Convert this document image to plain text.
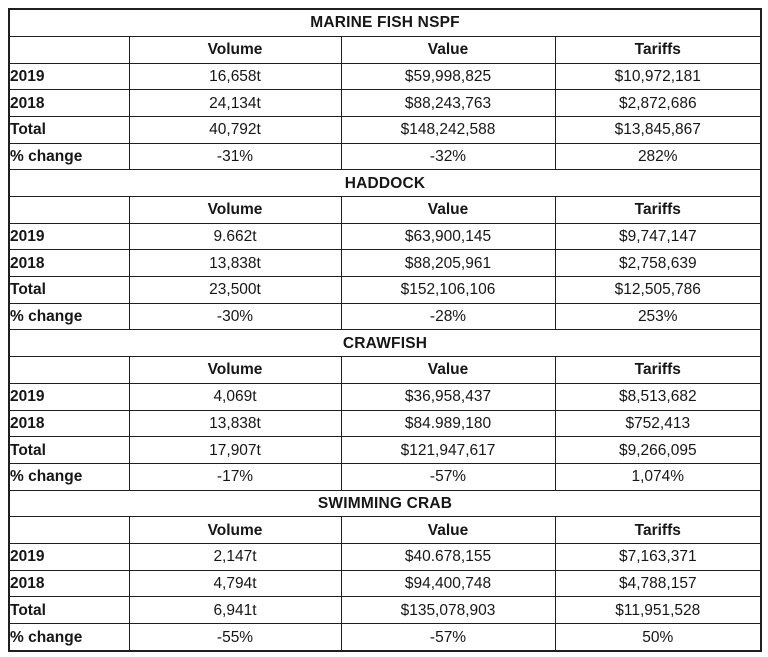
MARINE FISH NSPF			
	Volume	Value	Tariffs
2019	16,658t	$59,998,825	$10,972,181
2018	24,134t	$88,243,763	$2,872,686
Total	40,792t	$148,242,588	$13,845,867
% change	-31%	-32%	282%
HADDOCK			
	Volume	Value	Tariffs
2019	9.662t	$63,900,145	$9,747,147
2018	13,838t	$88,205,961	$2,758,639
Total	23,500t	$152,106,106	$12,505,786
% change	-30%	-28%	253%
CRAWFISH			
	Volume	Value	Tariffs
2019	4,069t	$36,958,437	$8,513,682
2018	13,838t	$84.989,180	$752,413
Total	17,907t	$121,947,617	$9,266,095
% change	-17%	-57%	1,074%
SWIMMING CRAB			
	Volume	Value	Tariffs
2019	2,147t	$40.678,155	$7,163,371
2018	4,794t	$94,400,748	$4,788,157
Total	6,941t	$135,078,903	$11,951,528
% change	-55%	-57%	50%
